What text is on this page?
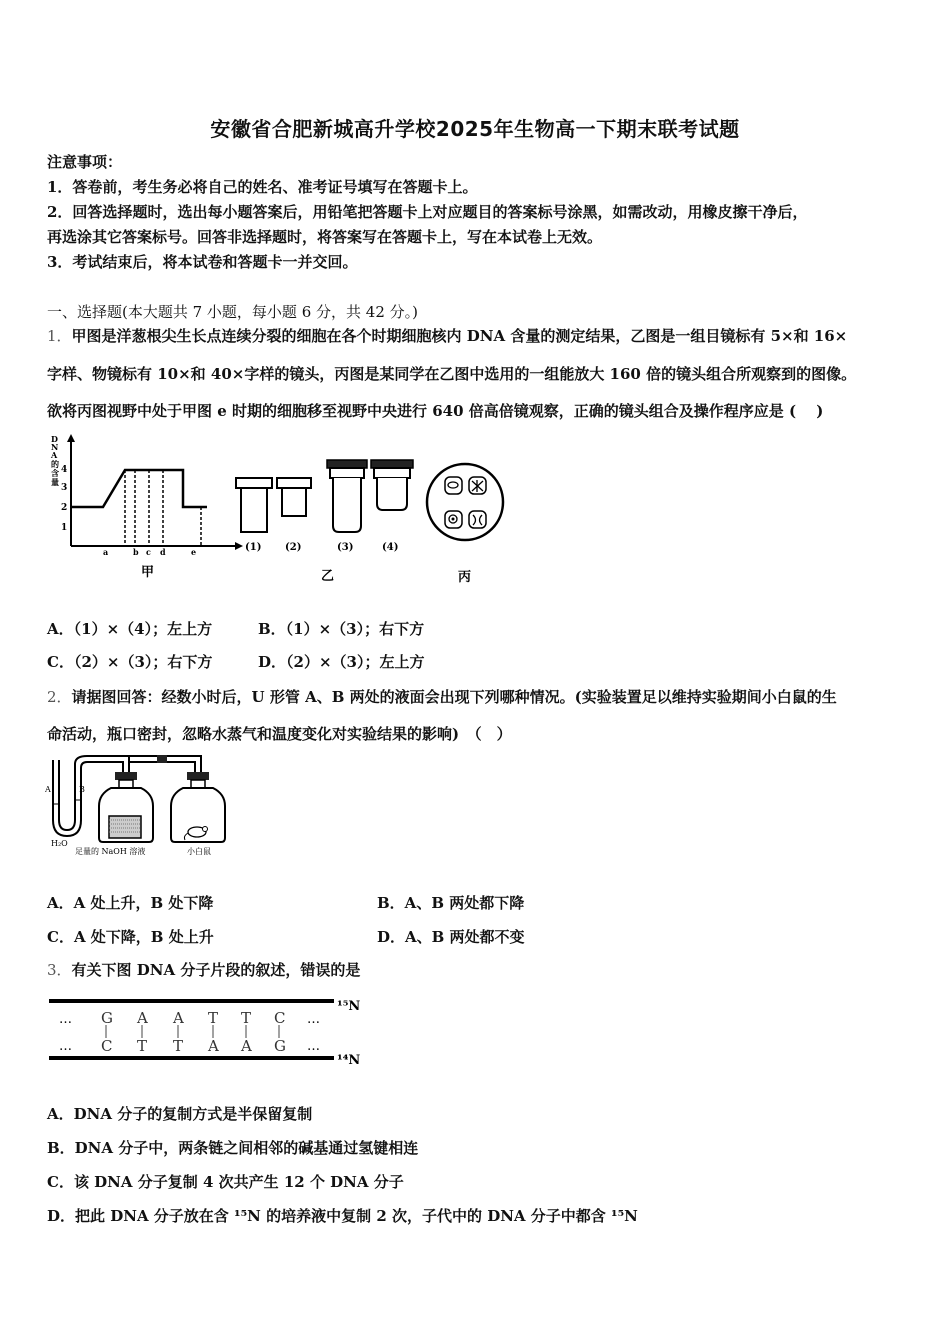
安徽省合肥新城高升学校2025年生物高一下期末联考试题
注意事项：
1．答卷前，考生务必将自己的姓名、准考证号填写在答题卡上。
2．回答选择题时，选出每小题答案后，用铅笔把答题卡上对应题目的答案标号涂黑，如需改动，用橡皮擦干净后，
再选涂其它答案标号。回答非选择题时，将答案写在答题卡上，写在本试卷上无效。
3．考试结束后，将本试卷和答题卡一并交回。
一、选择题(本大题共 7 小题，每小题 6 分，共 42 分。)
1．甲图是洋葱根尖生长点连续分裂的细胞在各个时期细胞核内 DNA 含量的测定结果，乙图是一组目镜标有 5×和 16×
字样、物镜标有 10×和 40×字样的镜头，丙图是某同学在乙图中选用的一组能放大 160 倍的镜头组合所观察到的图像。
欲将丙图视野中处于甲图 e 时期的细胞移至视野中央进行 640 倍高倍镜观察，正确的镜头组合及操作程序应是 (　 )
D N A 的含量
4
3
2
1
a	b c d	e
甲
(1) (2)	(3)	(4)
乙	丙
A．（1）×（4）；左上方	B．（1）×（3）；右下方
C．（2）×（3）；右下方	D．（2）×（3）；左上方
2．请据图回答：经数小时后，U 形管 A、B 两处的液面会出现下列哪种情况。(实验装置足以维持实验期间小白鼠的生
命活动，瓶口密封，忽略水蒸气和温度变化对实验结果的影响)　（　）
A	B
H₂O
足量的 NaOH 溶液	小白鼠
A．A 处上升，B 处下降	B．A、B 两处都下降
C．A 处下降，B 处上升	D．A、B 两处都不变
3．有关下图 DNA 分子片段的叙述，错误的是
¹⁵N
¹⁴N
…
…
…
…
G A A T T C
C T T A A G
A．DNA 分子的复制方式是半保留复制
B．DNA 分子中，两条链之间相邻的碱基通过氢键相连
C．该 DNA 分子复制 4 次共产生 12 个 DNA 分子
D．把此 DNA 分子放在含 ¹⁵N 的培养液中复制 2 次，子代中的 DNA 分子中都含 ¹⁵N
